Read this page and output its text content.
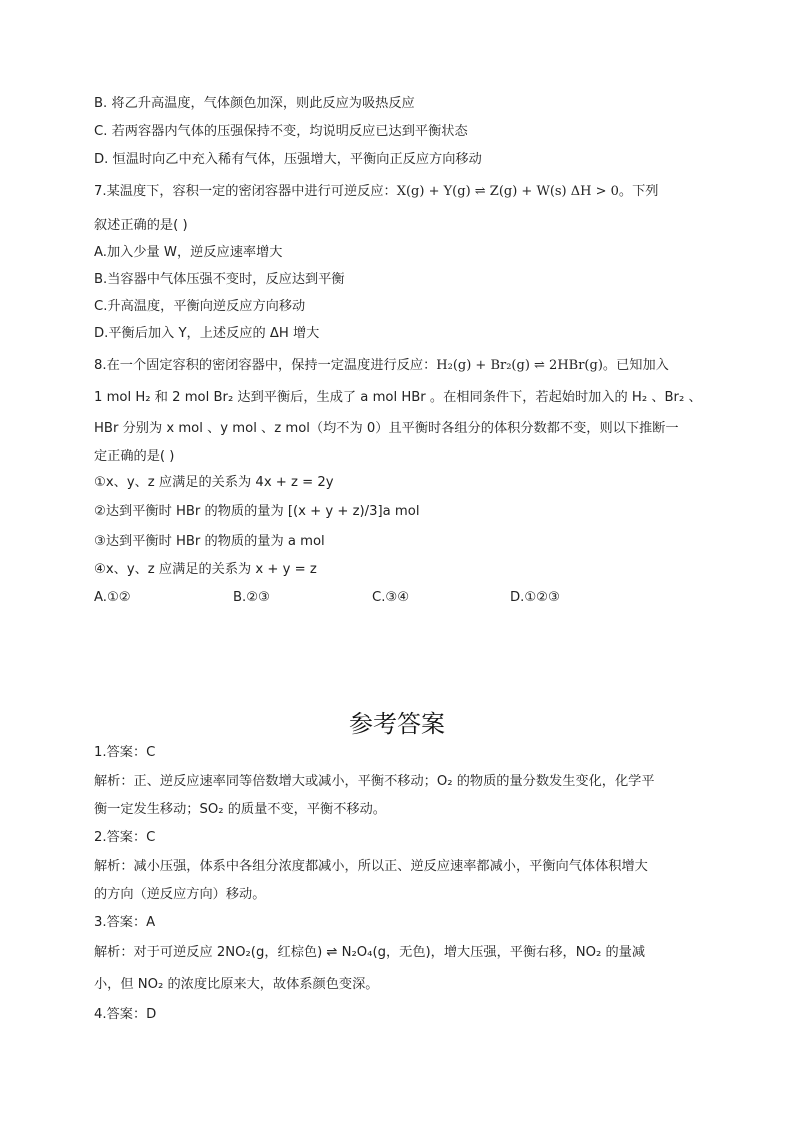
B. 将乙升高温度，气体颜色加深，则此反应为吸热反应
C. 若两容器内气体的压强保持不变，均说明反应已达到平衡状态
D. 恒温时向乙中充入稀有气体，压强增大，平衡向正反应方向移动
7.某温度下，容积一定的密闭容器中进行可逆反应：X(g) + Y(g) ⇌ Z(g) + W(s) ΔH > 0。下列
叙述正确的是( )
A.加入少量 W，逆反应速率增大
B.当容器中气体压强不变时，反应达到平衡
C.升高温度，平衡向逆反应方向移动
D.平衡后加入 Y，上述反应的 ΔH 增大
8.在一个固定容积的密闭容器中，保持一定温度进行反应：H₂(g) + Br₂(g) ⇌ 2HBr(g)。已知加入
1 mol H₂ 和 2 mol Br₂ 达到平衡后，生成了 a mol HBr 。在相同条件下，若起始时加入的 H₂ 、Br₂ 、
HBr 分别为 x mol 、y mol 、z mol（均不为 0）且平衡时各组分的体积分数都不变，则以下推断一
定正确的是( )
①x、y、z 应满足的关系为 4x + z = 2y
②达到平衡时 HBr 的物质的量为 [(x + y + z)/3]a mol
③达到平衡时 HBr 的物质的量为 a mol
④x、y、z 应满足的关系为 x + y = z
A.①②	B.②③	C.③④	D.①②③
参考答案
1.答案：C
解析：正、逆反应速率同等倍数增大或减小，平衡不移动；O₂ 的物质的量分数发生变化，化学平
衡一定发生移动；SO₂ 的质量不变，平衡不移动。
2.答案：C
解析：减小压强，体系中各组分浓度都减小，所以正、逆反应速率都减小，平衡向气体体积增大
的方向（逆反应方向）移动。
3.答案：A
解析：对于可逆反应 2NO₂(g，红棕色) ⇌ N₂O₄(g，无色)，增大压强，平衡右移，NO₂ 的量减
小，但 NO₂ 的浓度比原来大，故体系颜色变深。
4.答案：D
